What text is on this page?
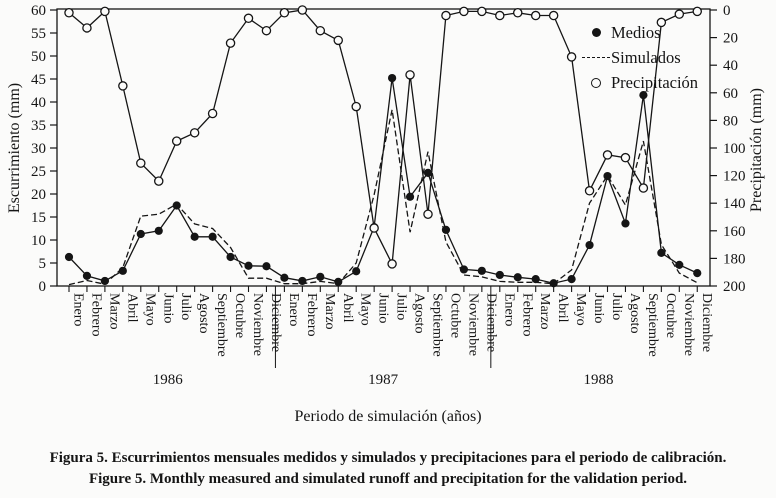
0
5
10
15
20
25
30
35
40
45
50
55
60	0
20
40
60
80
100
120
140
160
180
200
Enero Febrero Marzo Abril Mayo Junio Julio Agosto Septiembre Octubre Noviembre Diciembre Enero Febrero Marzo Abril Mayo Junio Julio Agosto Septiembre Octubre Noviembre Diciembre Enero Febrero Marzo Abril Mayo Junio Julio Agosto Septiembre Octubre Noviembre Diciembre
1986	1987	1988
Escurrimiento (mm)	Precipitación (mm)
Medios
Simulados
Precipitación
Periodo de simulación (años)
Figura 5. Escurrimientos mensuales medidos y simulados y precipitaciones para el periodo de calibración.
Figure 5. Monthly measured and simulated runoff and precipitation for the validation period.
